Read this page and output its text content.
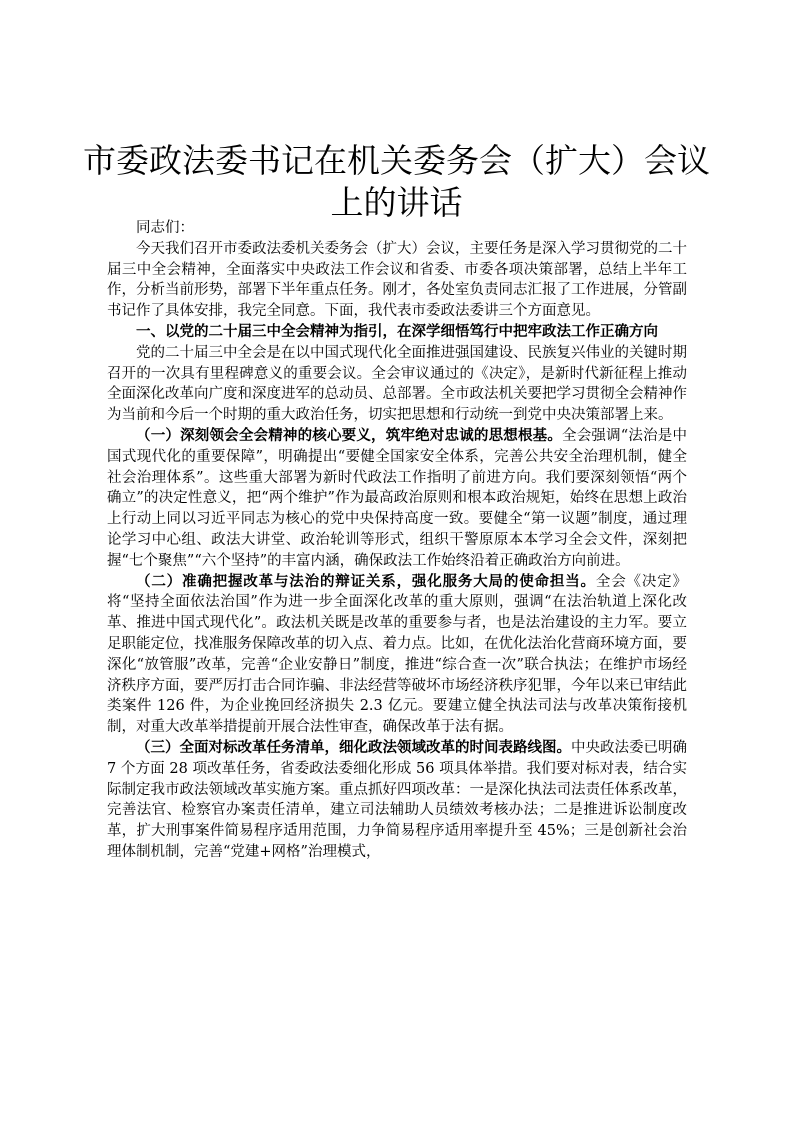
市委政法委书记在机关委务会（扩大）会议
上的讲话

同志们：

今天我们召开市委政法委机关委务会（扩大）会议，主要任务是深入学习贯彻党的二十届三中全会精神，全面落实中央政法工作会议和省委、市委各项决策部署，总结上半年工作，分析当前形势，部署下半年重点任务。刚才，各处室负责同志汇报了工作进展，分管副书记作了具体安排，我完全同意。下面，我代表市委政法委讲三个方面意见。

一、以党的二十届三中全会精神为指引，在深学细悟笃行中把牢政法工作正确方向

党的二十届三中全会是在以中国式现代化全面推进强国建设、民族复兴伟业的关键时期召开的一次具有里程碑意义的重要会议。全会审议通过的《决定》，是新时代新征程上推动全面深化改革向广度和深度进军的总动员、总部署。全市政法机关要把学习贯彻全会精神作为当前和今后一个时期的重大政治任务，切实把思想和行动统一到党中央决策部署上来。

（一）深刻领会全会精神的核心要义，筑牢绝对忠诚的思想根基。全会强调“法治是中国式现代化的重要保障”，明确提出“要健全国家安全体系，完善公共安全治理机制，健全社会治理体系”。这些重大部署为新时代政法工作指明了前进方向。我们要深刻领悟“两个确立”的决定性意义，把“两个维护”作为最高政治原则和根本政治规矩，始终在思想上政治上行动上同以习近平同志为核心的党中央保持高度一致。要健全“第一议题”制度，通过理论学习中心组、政法大讲堂、政治轮训等形式，组织干警原原本本学习全会文件，深刻把握“七个聚焦”“六个坚持”的丰富内涵，确保政法工作始终沿着正确政治方向前进。

（二）准确把握改革与法治的辩证关系，强化服务大局的使命担当。全会《决定》将“坚持全面依法治国”作为进一步全面深化改革的重大原则，强调“在法治轨道上深化改革、推进中国式现代化”。政法机关既是改革的重要参与者，也是法治建设的主力军。要立足职能定位，找准服务保障改革的切入点、着力点。比如，在优化法治化营商环境方面，要深化“放管服”改革，完善“企业安静日”制度，推进“综合查一次”联合执法；在维护市场经济秩序方面，要严厉打击合同诈骗、非法经营等破坏市场经济秩序犯罪，今年以来已审结此类案件 126 件，为企业挽回经济损失 2.3 亿元。要建立健全执法司法与改革决策衔接机制，对重大改革举措提前开展合法性审查，确保改革于法有据。

（三）全面对标改革任务清单，细化政法领域改革的时间表路线图。中央政法委已明确 7 个方面 28 项改革任务，省委政法委细化形成 56 项具体举措。我们要对标对表，结合实际制定我市政法领域改革实施方案。重点抓好四项改革：一是深化执法司法责任体系改革，完善法官、检察官办案责任清单，建立司法辅助人员绩效考核办法；二是推进诉讼制度改革，扩大刑事案件简易程序适用范围，力争简易程序适用率提升至 45%；三是创新社会治理体制机制，完善“党建+网格”治理模式，
